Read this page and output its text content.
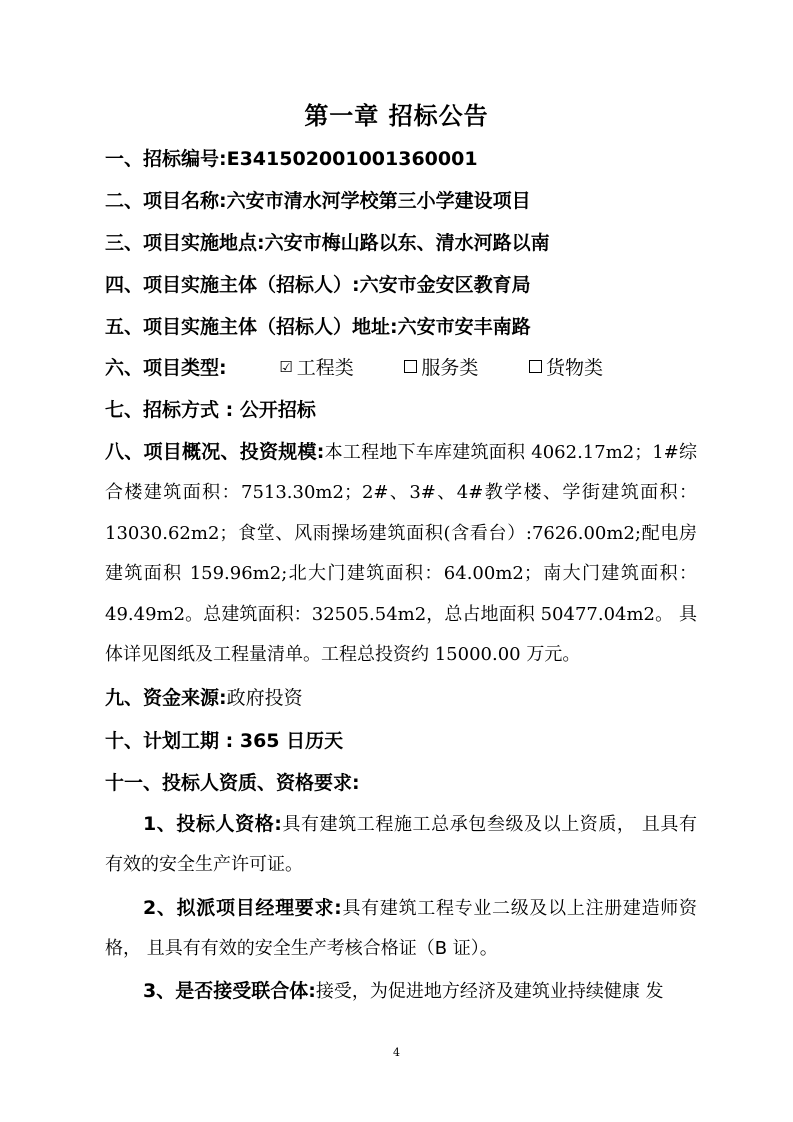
第一章 招标公告
一、招标编号:E3415020010013600​01
二、项目名称:六安市清水河学校第三小学建设项目
三、项目实施地点:六安市梅山路以东、清水河路以南
四、项目实施主体（招标人）:六安市金安区教育局
五、项目实施主体（招标人）地址:六安市安丰南路
六、项目类型:	☑ 工程类	服务类	货物类
七、招标方式 : 公开招标
八、项目概况、投资规模:本工程地下车库建筑面积 4062.17m2；1#综合楼建筑面积：7513.30m2；2#、3#、4#教学楼、学街建筑面积：13030.62m2；食堂、风雨操场建筑面积(含看台）:7626.00m2;配电房建筑面积 159.96m2;北大门建筑面积：64.00m2；南大门建筑面积：49.49m2。总建筑面积：32505.54m2，总占地面积 50477.04m2。 具体详见图纸及工程量清单。工程总投资约 15000.00 万元。
九、资金来源:政府投资
十、计划工期 : 365 日历天
十一、投标人资质、资格要求:
1、投标人资格:具有建筑工程施工总承包叁级及以上资质， 且具有有效的安全生产许可证。
2、拟派项目经理要求:具有建筑工程专业二级及以上注册建造师资格， 且具有有效的安全生产考核合格证（B 证）。
3、是否接受联合体:接受，为促进地方经济及建筑业持续健康 发
4
